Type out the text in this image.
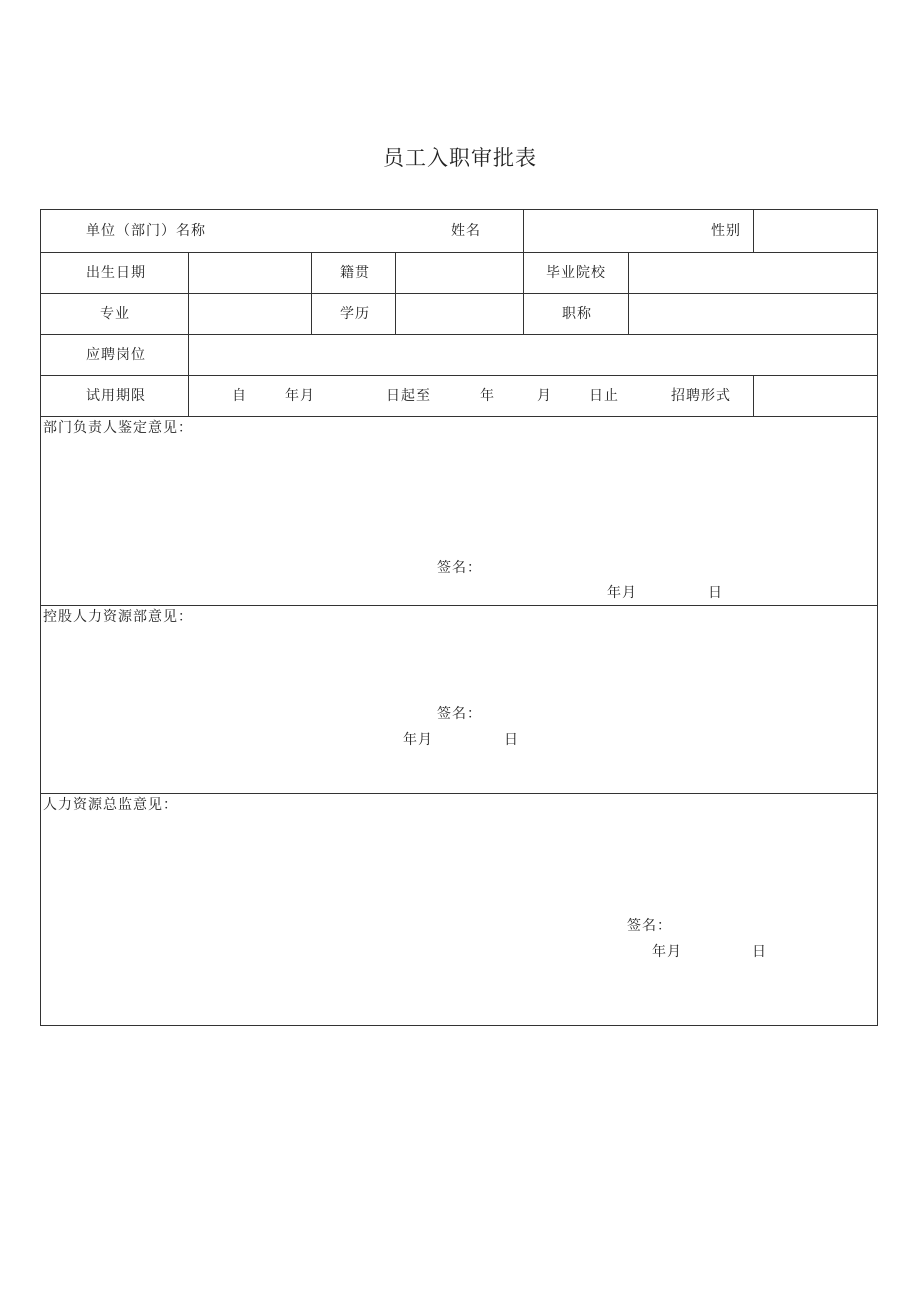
员工入职审批表
单位（部门）名称	姓名	性别
出生日期	籍贯	毕业院校
专业	学历	职称
应聘岗位
试用期限	自	年月	日起至	年	月	日止	招聘形式
部门负责人鉴定意见：
签名：
年月	日
控股人力资源部意见：
签名：
年月	日
人力资源总监意见：
签名：
年月	日
